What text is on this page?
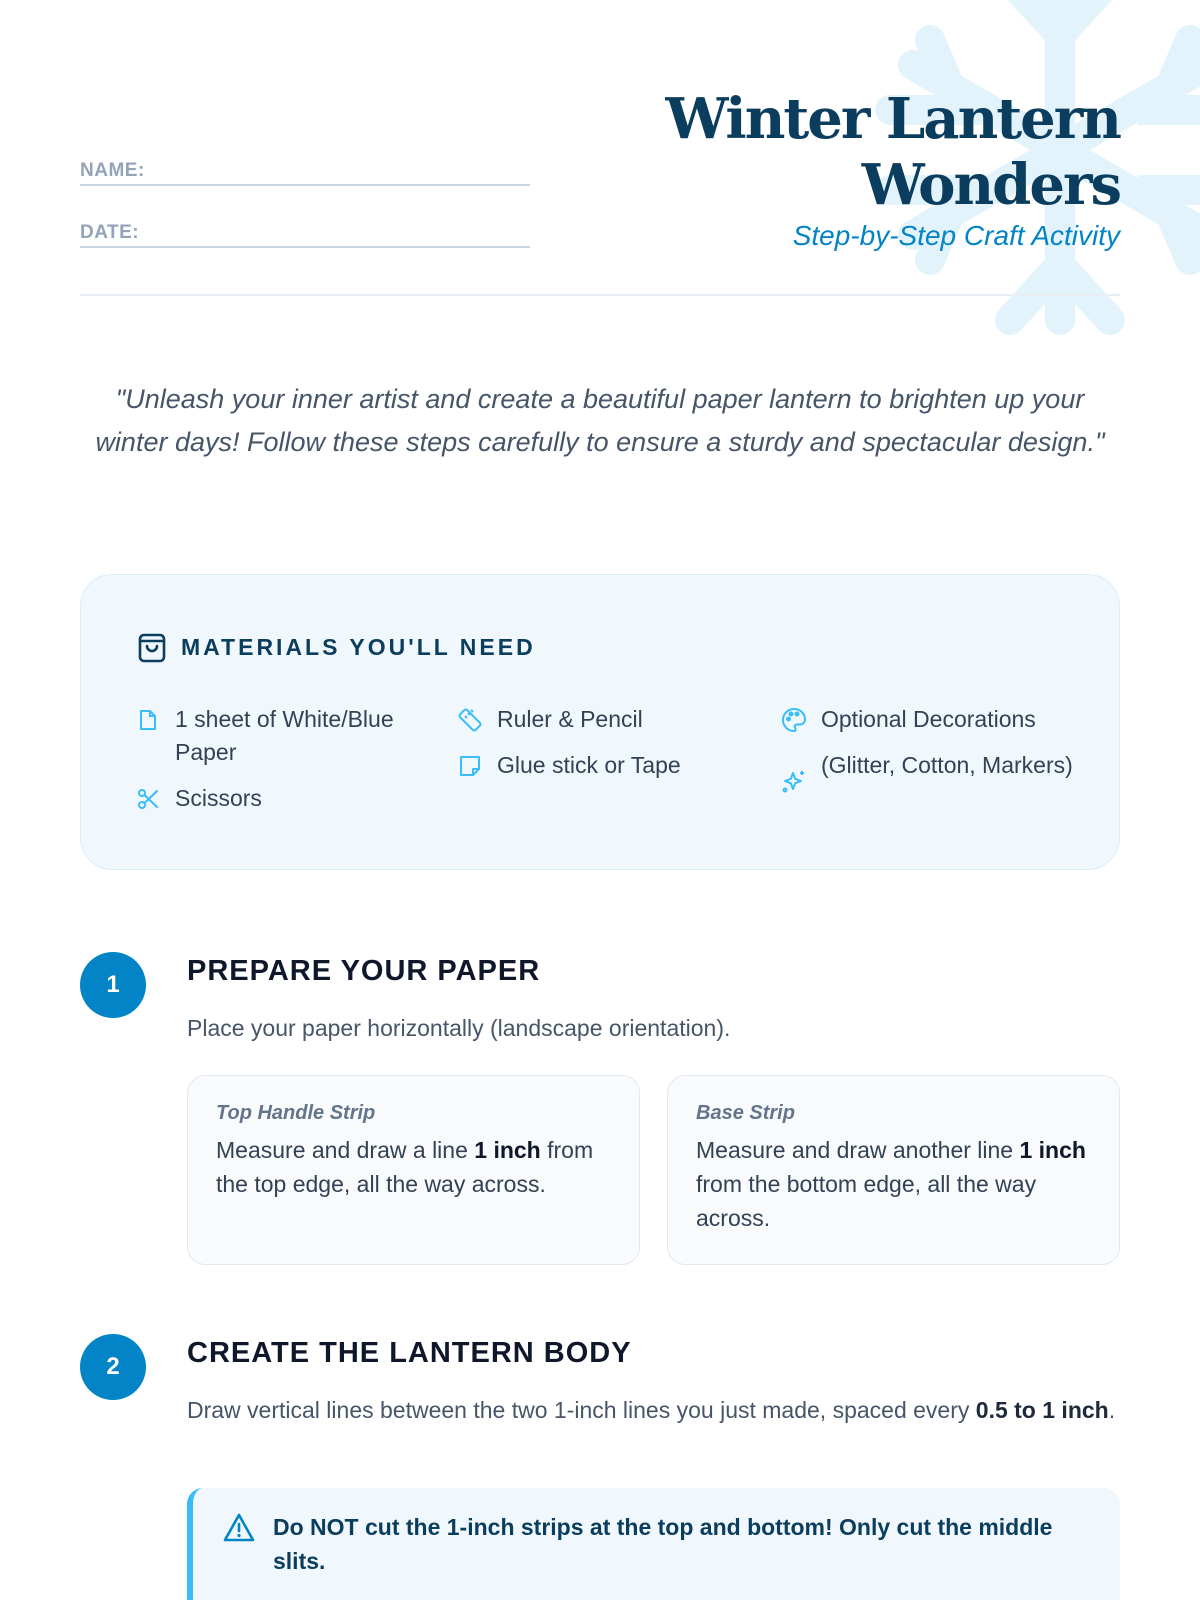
NAME:
DATE:
Winter Lantern
Wonders
Step-by-Step Craft Activity

"Unleash your inner artist and create a beautiful paper lantern to brighten up your winter days! Follow these steps carefully to ensure a sturdy and spectacular design."

MATERIALS YOU'LL NEED
1 sheet of White/Blue Paper
Scissors
Ruler & Pencil
Glue stick or Tape
Optional Decorations
(Glitter, Cotton, Markers)
1	PREPARE YOUR PAPER
Place your paper horizontally (landscape orientation).
Top Handle Strip
Measure and draw a line 1 inch from the top edge, all the way across.
Base Strip
Measure and draw another line 1 inch from the bottom edge, all the way across.
2	CREATE THE LANTERN BODY
Draw vertical lines between the two 1-inch lines you just made, spaced every 0.5 to 1 inch.
Do NOT cut the 1-inch strips at the top and bottom! Only cut the middle slits.
